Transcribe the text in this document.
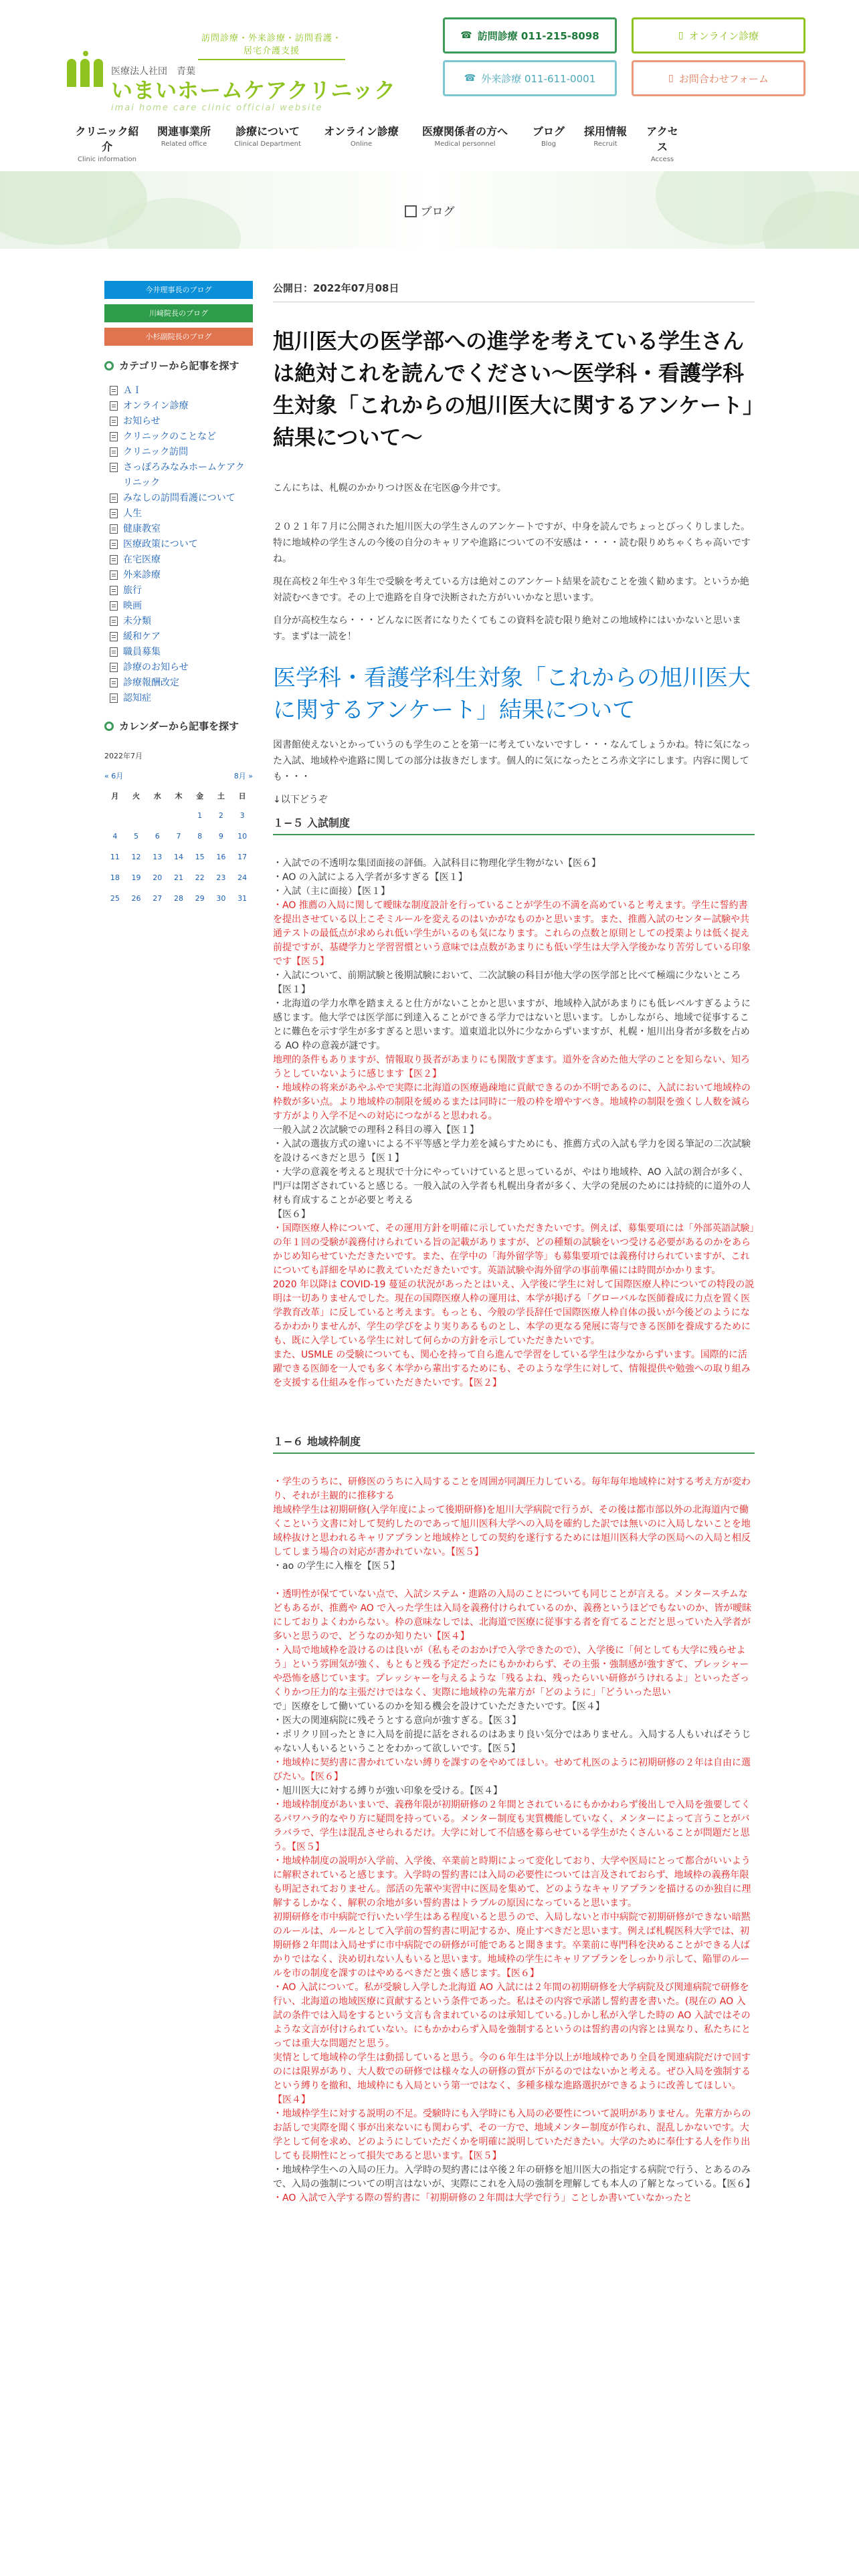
訪問診療・外来診療・訪問看護・居宅介護支援
医療法人社団　青葉
いまいホームケアクリニック
imai home care clinic official website
☎ 訪問診療 011-215-8098	▯ オンライン診療
☎ 外来診療 011-611-0001	▯ お問合わせフォーム
クリニック紹介
Clinic information
関連事業所
Related office
診療について
Clinical Department
オンライン診療
Online
医療関係者の方へ
Medical personnel
ブログ
Blog
採用情報
Recruit
アクセス
Access
ブログ
今井理事長のブログ
川﨑院長のブログ
小杉副院長のブログ
カテゴリーから記事を探す
ＡＩ
オンライン診療
お知らせ
クリニックのことなど
クリニック訪問
さっぽろみなみホームケアクリニック
みなしの訪問看護について
人生
健康教室
医療政策について
在宅医療
外来診療
旅行
映画
未分類
緩和ケア
職員募集
診療のお知らせ
診療報酬改定
認知症
カレンダーから記事を探す
2022年7月
« 6月	8月 »
月	火	水	木	金	土	日
				1	2	3
4	5	6	7	8	9	10
11	12	13	14	15	16	17
18	19	20	21	22	23	24
25	26	27	28	29	30	31
公開日：2022年07月08日
旭川医大の医学部への進学を考えている学生さんは絶対これを読んでください〜医学科・看護学科生対象「これからの旭川医大に関するアンケート」結果について〜

こんにちは、札幌のかかりつけ医＆在宅医@今井です。

２０２１年７月に公開された旭川医大の学生さんのアンケートですが、中身を読んでちょっとびっくりしました。特に地域枠の学生さんの今後の自分のキャリアや進路についての不安感は・・・・読む限りめちゃくちゃ高いですね。

現在高校２年生や３年生で受験を考えている方は絶対このアンケート結果を読むことを強く勧めます。というか絶対読むべきです。その上で進路を自身で決断された方がいいかなと思います。

自分が高校生なら・・・どんなに医者になりたくてもこの資料を読む限り絶対この地域枠にはいかないと思います。まずは一読を！

医学科・看護学科生対象「これからの旭川医大に関するアンケート」結果について

図書館使えないとかっていうのも学生のことを第一に考えていないですし・・・なんてしょうかね。特に気になった入試、地域枠や進路に関しての部分は抜きだします。個人的に気になったところ赤文字にします。内容に関しても・・・

↓以下どうぞ

１−５ 入試制度
・入試での不透明な集団面接の評価。入試科目に物理化学生物がない【医６】
・AO の入試による入学者が多すぎる【医１】
・入試（主に面接）【医１】
・AO 推薦の入局に関して曖昧な制度設計を行っていることが学生の不満を高めていると考えます。学生に誓約書を提出させている以上こそミルールを変えるのはいかがなものかと思います。また、推薦入試のセンター試験や共通テストの最低点が求められ低い学生がいるのも気になります。これらの点数と原則としての授業よりは低く捉え前提ですが、基礎学力と学習習慣という意味では点数があまりにも低い学生は大学入学後かなり苦労している印象です【医５】
・入試について、前期試験と後期試験において、二次試験の科目が他大学の医学部と比べて極端に少ないところ【医１】
・北海道の学力水準を踏まえると仕方がないことかと思いますが、地域枠入試があまりにも低レベルすぎるように感じます。他大学では医学部に到達入ることができる学力ではないと思います。しかしながら、地域で従事することに難色を示す学生が多すぎると思います。道東道北以外に少なからずいますが、札幌・旭川出身者が多数を占める AO 枠の意義が謎です。
地理的条件もありますが、情報取り扱者があまりにも閑散すぎます。道外を含めた他大学のことを知らない、知ろうとしていないように感じます【医２】
・地域枠の将来があやふやで実際に北海道の医療過疎地に貢献できるのか不明であるのに、入試において地域枠の枠数が多い点。より地域枠の制限を緩めるまたは同時に一般の枠を増やすべき。地域枠の制限を強くし人数を減らす方がより入学不足への対応につながると思われる。
一般入試２次試験での理科２科目の導入【医１】
・入試の選抜方式の違いによる不平等感と学力差を減らすためにも、推薦方式の入試も学力を図る筆記の二次試験を設けるべきだと思う【医１】
・大学の意義を考えると現状で十分にやっていけていると思っているが、やはり地域枠、AO 入試の割合が多く、門戸は閉ざされていると感じる。一般入試の入学者も札幌出身者が多く、大学の発展のためには持続的に道外の人材も育成することが必要と考える
【医６】
・国際医療人枠について、その運用方針を明確に示していただきたいです。例えば、募集要項には「外部英語試験」の年１回の受験が義務付けられている旨の記載がありますが、どの種類の試験をいつ受ける必要があるのかをあらかじめ知らせていただきたいです。また、在学中の「海外留学等」も募集要項では義務付けられていますが、これについても詳細を早めに教えていただきたいです。英語試験や海外留学の事前準備には時間がかかります。
2020 年以降は COVID-19 蔓延の状況があったとはいえ、入学後に学生に対して国際医療人枠についての特段の説明は一切ありませんでした。現在の国際医療人枠の運用は、本学が掲げる「グローバルな医師養成に力点を置く医学教育改革」に反していると考えます。もっとも、今般の学長辞任で国際医療人枠自体の扱いが今後どのようになるかわかりませんが、学生の学びをより実りあるものとし、本学の更なる発展に寄与できる医師を養成するためにも、既に入学している学生に対して何らかの方針を示していただきたいです。
また、USMLE の受験についても、関心を持って自ら進んで学習をしている学生は少なからずいます。国際的に活躍できる医師を一人でも多く本学から輩出するためにも、そのような学生に対して、情報提供や勉強への取り組みを支援する仕組みを作っていただきたいです。【医２】
１−６ 地域枠制度
・学生のうちに、研修医のうちに入局することを周囲が同調圧力している。毎年毎年地域枠に対する考え方が変わり、それが主観的に推移する
地域枠学生は初期研修(入学年度によって後期研修)を旭川大学病院で行うが、その後は都市部以外の北海道内で働くこという文書に対して契約したのであって旭川医科大学への入局を確約した訳では無いのに入局しないことを地域枠抜けと思われるキャリアプランと地域枠としての契約を遂行するためには旭川医科大学の医局への入局と相反してしまう場合の対応が書かれていない。【医５】
・ao の学生に入権を【医５】
・透明性が保てていない点で、入試システム・進路の入局のことについても同じことが言える。メンタースチムなどもあるが、推薦や AO で入った学生は入局を義務付けられているのか、義務というほどでもないのか、皆が曖昧にしておりよくわからない。枠の意味なしでは、北海道で医療に従事する者を育てることだと思っていた入学者が多いと思うので、どうなのか知りたい【医４】
・入局で地域枠を設けるのは良いが（私もそのおかげで入学できたので）、入学後に「何としても大学に残らせよう」という雰囲気が強く、もともと残る予定だったにもかかわらず、その主張・強制感が強すぎて、プレッシャーや恐怖を感じています。プレッシャーを与えるような「残るよね、残ったらいい研修がうけれるよ」といったざっくりかつ圧力的な主張だけではなく、実際に地域枠の先輩方が「どのように」「どういった思い
で」医療をして働いているのかを知る機会を設けていただきたいです。【医４】
・医大の関連病院に残そうとする意向が強すぎる。【医３】
・ポリクリ回ったときに入局を前提に話をされるのはあまり良い気分ではありません。入局する人もいればそうじゃない人もいるということをわかって欲しいです。【医５】
・地域枠に契約書に書かれていない縛りを課すのをやめてほしい。せめて札医のように初期研修の２年は自由に選びたい。【医６】
・旭川医大に対する縛りが強い印象を受ける。【医４】
・地域枠制度があいまいで、義務年限が初期研修の２年間とされているにもかかわらず後出しで入局を強要してくるパワハラ的なやり方に疑問を持っている。メンター制度も実質機能していなく、メンターによって言うことがバラバラで、学生は混乱させられるだけ。大学に対して不信感を募らせている学生がたくさんいることが問題だと思う。【医５】
・地域枠制度の説明が入学前、入学後、卒業前と時期によって変化しており、大学や医局にとって都合がいいように解釈されていると感じます。入学時の誓約書には入局の必要性については言及されておらず、地域枠の義務年限も明記されておりません。部活の先輩や実習中に医局を集めて、どのようなキャリアプランを描けるのか独自に理解するしかなく、解釈の余地が多い誓約書はトラブルの原因になっていると思います。
初期研修を市中病院で行いたい学生はある程度いると思うので、入局しないと市中病院で初期研修ができない暗黙のルールは、ルールとして入学前の誓約書に明記するか、廃止すべきだと思います。例えば札幌医科大学では、初期研修２年間は入局せずに市中病院での研修が可能であると聞きます。卒業前に専門科を決めることができる人ばかりではなく、決め切れない人もいると思います。地域枠の学生にキャリアプランをしっかり示して、陥罪のルールを市の制度を課すのはやめるべきだと強く感じます。【医６】
・AO 入試について。私が受験し入学した北海道 AO 入試には２年間の初期研修を大学病院及び関連病院で研修を行い、北海道の地域医療に貢献するという条件であった。私はその内容で承諾し誓約書を書いた。(現在の AO 入試の条件では入局をするという文言も含まれているのは承知している。)しかし私が入学した時の AO 入試ではそのような文言が付けられていない。にもかかわらず入局を強制するというのは誓約書の内容とは異なり、私たちにとっては重大な問題だと思う。
実情として地域枠の学生は動揺していると思う。今の６年生は半分以上が地域枠であり全員を関連病院だけで回すのには限界があり、大人数での研修では様々な人の研修の質が下がるのではないかと考える。ぜひ入局を強制するという縛りを撤和、地域枠にも入局という第一ではなく、多種多様な進路選択ができるように改善してほしい。【医４】
・地域枠学生に対する説明の不足。受験時にも入学時にも入局の必要性について説明がありません。先輩方からのお話しで実際を聞く事が出来ないにも関わらず、その一方で、地域メンター制度が作られ、混乱しかないです。大学として何を求め、どのようにしていただくかを明確に説明していただきたい。大学のために奉仕する人を作り出しても長期性にとって損失であると思います。【医５】
・地域枠学生への入局の圧力。入学時の契約書には卒後２年の研修を旭川医大の指定する病院で行う、とあるのみで、入局の強制についての明言はないが、実際にこれを入局の強制を理解しても本人の了解となっている。【医６】
・AO 入試で入学する際の誓約書に「初期研修の２年間は大学で行う」ことしか書いていなかったと
